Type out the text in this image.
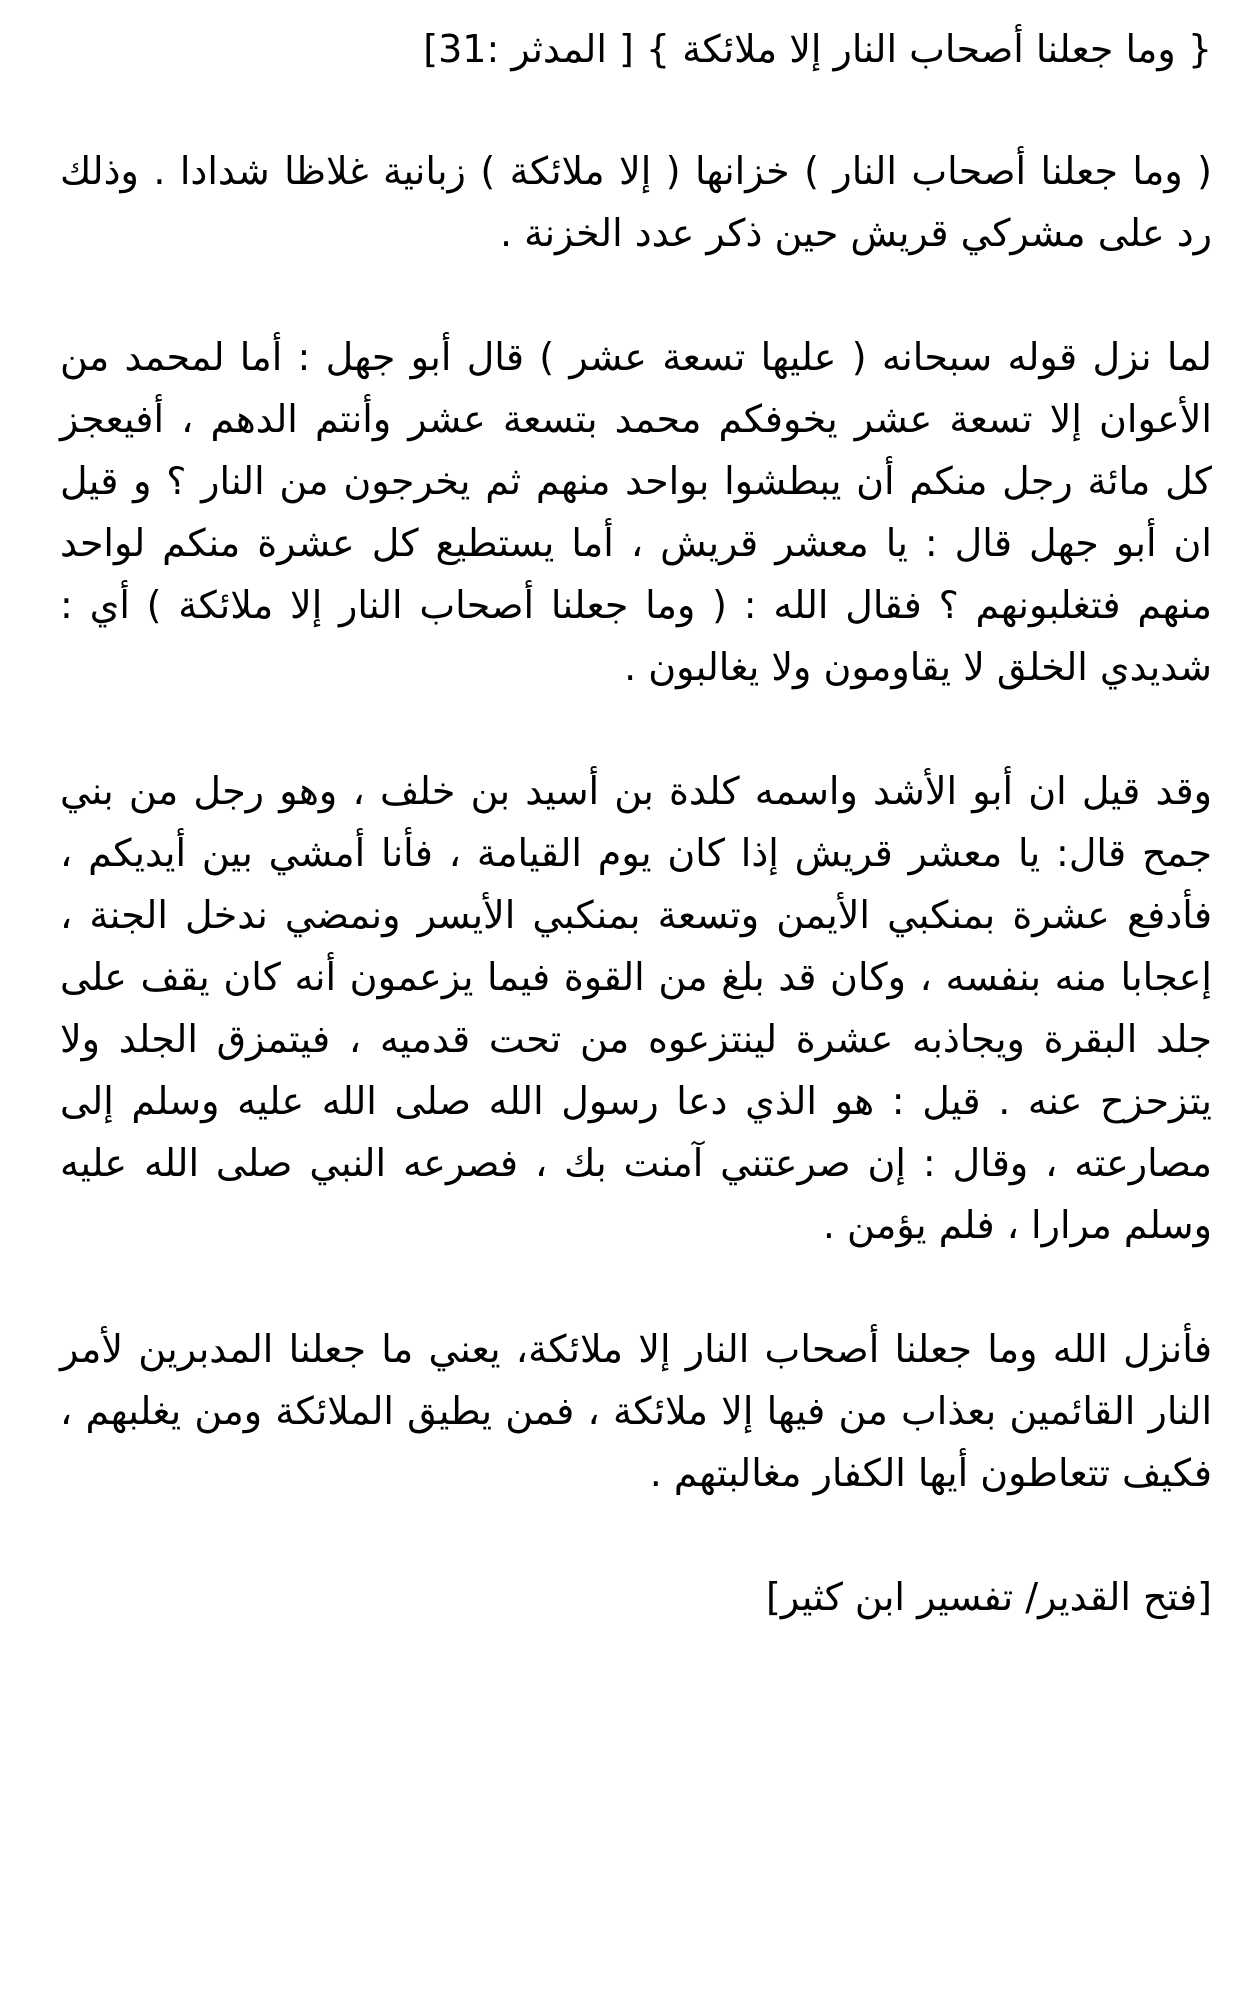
{ وما جعلنا أصحاب النار إلا ملائكة } [ المدثر :31]

( وما جعلنا أصحاب النار ) خزانها ( إلا ملائكة ) زبانية غلاظا شدادا . وذلك رد على مشركي قريش حين ذكر عدد الخزنة .

لما نزل قوله سبحانه ( عليها تسعة عشر ) قال أبو جهل : أما لمحمد من الأعوان إلا تسعة عشر يخوفكم محمد بتسعة عشر وأنتم الدهم ، أفيعجز كل مائة رجل منكم أن يبطشوا بواحد منهم ثم يخرجون من النار ؟ و قيل ان أبو جهل قال : يا معشر قريش ، أما يستطيع كل عشرة منكم لواحد منهم فتغلبونهم ؟ فقال الله : ( وما جعلنا أصحاب النار إلا ملائكة ) أي : شديدي الخلق لا يقاومون ولا يغالبون .

وقد قيل ان أبو الأشد واسمه كلدة بن أسيد بن خلف ، وهو رجل من بني جمح قال: يا معشر قريش إذا كان يوم القيامة ، فأنا أمشي بين أيديكم ، فأدفع عشرة بمنكبي الأيمن وتسعة بمنكبي الأيسر ونمضي ندخل الجنة ، إعجابا منه بنفسه ، وكان قد بلغ من القوة فيما يزعمون أنه كان يقف على جلد البقرة ويجاذبه عشرة لينتزعوه من تحت قدميه ، فيتمزق الجلد ولا يتزحزح عنه . قيل : هو الذي دعا رسول الله صلى الله عليه وسلم إلى مصارعته ، وقال : إن صرعتني آمنت بك ، فصرعه النبي صلى الله عليه وسلم مرارا ، فلم يؤمن .

فأنزل الله وما جعلنا أصحاب النار إلا ملائكة، يعني ما جعلنا المدبرين لأمر النار القائمين بعذاب من فيها إلا ملائكة ، فمن يطيق الملائكة ومن يغلبهم ، فكيف تتعاطون أيها الكفار مغالبتهم .

[فتح القدير/ تفسير ابن كثير]
